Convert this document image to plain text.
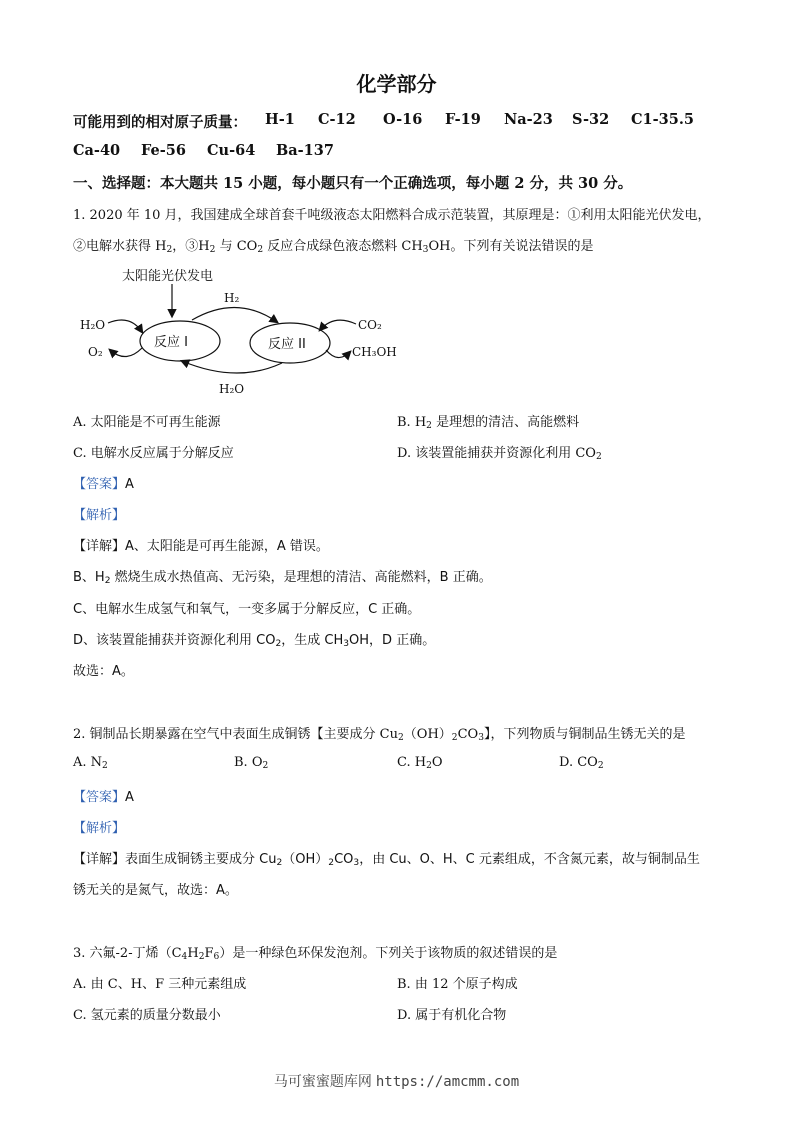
化学部分
可能用到的相对原子质量： H-1 C-12 O-16 F-19 Na-23 S-32 C1-35.5
Ca-40 Fe-56 Cu-64 Ba-137
一、选择题：本大题共 15 小题，每小题只有一个正确选项，每小题 2 分，共 30 分。
1. 2020 年 10 月，我国建成全球首套千吨级液态太阳燃料合成示范装置，其原理是：①利用太阳能光伏发电，
②电解水获得 $H_2$，$③H_2$ 与 $CO_2$ 反应合成绿色液态燃料 $CH_3OH$。下列有关说法错误的是
太阳能光伏发电
反应 I	反应 II
H₂
H₂O
H₂O
O₂
CO₂
CH₃OH
A. 太阳能是不可再生能源	B. $H_2$ 是理想的清洁、高能燃料
C. 电解水反应属于分解反应	D. 该装置能捕获并资源化利用 $CO_2$
【答案】A
【解析】
【详解】A、太阳能是可再生能源，A 错误。
B、$H_2$ 燃烧生成水热值高、无污染，是理想的清洁、高能燃料，B 正确。
C、电解水生成氢气和氧气，一变多属于分解反应，C 正确。
D、该装置能捕获并资源化利用 $CO_2$，生成 $CH_3OH$，D 正确。
故选：A。
2. 铜制品长期暴露在空气中表面生成铜锈【主要成分 $Cu_2(OH)_2CO_3$】，下列物质与铜制品生锈无关的是
A. $N_2$	B. $O_2$	C. $H_2O$	D. $CO_2$
【答案】A
【解析】
【详解】表面生成铜锈主要成分 $Cu_2(OH)_2CO_3$，由 Cu、O、H、C 元素组成，不含氮元素，故与铜制品生
锈无关的是氮气，故选：A。
3. 六氟-2-丁烯$(C_4H_2F_6)$是一种绿色环保发泡剂。下列关于该物质的叙述错误的是
A. 由 C、H、F 三种元素组成	B. 由 12 个原子构成
C. 氢元素的质量分数最小	D. 属于有机化合物
马可蜜蜜题库网 https://amcmm.com
